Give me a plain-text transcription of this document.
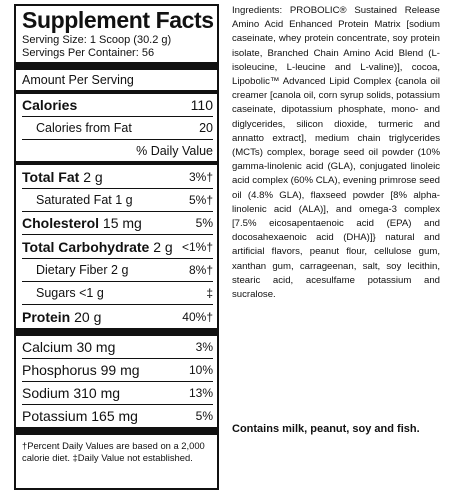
Supplement Facts
Serving Size: 1 Scoop (30.2 g)
Servings Per Container: 56
Amount Per Serving
Calories	110
Calories from Fat	20
% Daily Value
Total Fat 2 g	3%†
Saturated Fat 1 g	5%†
Cholesterol 15 mg	5%
Total Carbohydrate 2 g <1%†
Dietary Fiber 2 g	8%†
Sugars <1 g	‡
Protein 20 g	40%†
Calcium 30 mg	3%
Phosphorus 99 mg	10%
Sodium 310 mg	13%
Potassium 165 mg	5%
†Percent Daily Values are based on a 2,000 calorie diet. ‡Daily Value not established.
Ingredients: PROBOLIC® Sustained Release Amino Acid Enhanced Protein Matrix [sodium caseinate, whey protein concentrate, soy protein isolate, Branched Chain Amino Acid Blend (L-isoleucine, L-leucine and L-valine)], cocoa, Lipobolic™ Advanced Lipid Complex {canola oil creamer [canola oil, corn syrup solids, potassium caseinate, dipotassium phosphate, mono- and diglycerides, silicon dioxide, turmeric and annatto extract], medium chain triglycerides (MCTs) complex, borage seed oil powder (10% gamma-linolenic acid (GLA), conjugated linoleic acid complex (60% CLA), evening primrose seed oil (4.8% GLA), flaxseed powder [8% alpha-linolenic acid (ALA)], and omega-3 complex [7.5% eicosapentaenoic acid (EPA) and docosahexaenoic acid (DHA)]} natural and artificial flavors, peanut flour, cellulose gum, xanthan gum, carrageenan, salt, soy lecithin, stearic acid, acesulfame potassium and sucralose.
Contains milk, peanut, soy and fish.
